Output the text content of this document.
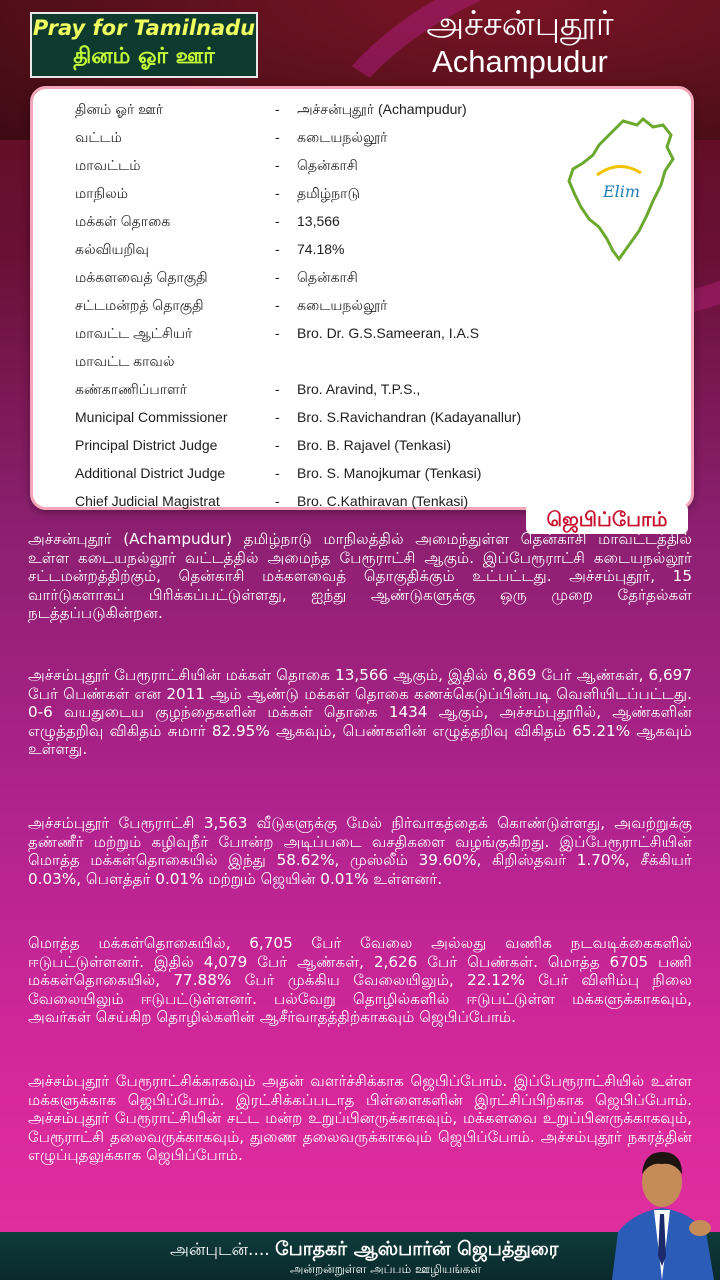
Pray for Tamilnadu
தினம் ஓர் ஊர்
அச்சன்புதூர்
Achampudur
தினம் ஓர் ஊர்	- அச்சன்புதூர் (Achampudur)
வட்டம்	- கடையநல்லூர்
மாவட்டம்	- தென்காசி
மாநிலம்	- தமிழ்நாடு
மக்கள் தொகை	- 13,566
கல்வியறிவு	- 74.18%
மக்களவைத் தொகுதி	- தென்காசி
சட்டமன்றத் தொகுதி	- கடையநல்லூர்
மாவட்ட ஆட்சியர்	- Bro. Dr. G.S.Sameeran, I.A.S
மாவட்ட காவல்
கண்காணிப்பாளர்	- Bro. Aravind, T.P.S.,
Municipal Commissioner	- Bro. S.Ravichandran (Kadayanallur)
Principal District Judge	- Bro. B. Rajavel (Tenkasi)
Additional District Judge	- Bro. S. Manojkumar (Tenkasi)
Chief Judicial Magistrat	- Bro. C.Kathiravan (Tenkasi)
Elim
ஜெபிப்போம்

அச்சன்புதூர் (Achampudur) தமிழ்நாடு மாநிலத்தில் அமைந்துள்ள தென்காசி மாவட்டத்தில் உள்ள கடையநல்லூர் வட்டத்தில் அமைந்த பேரூராட்சி ஆகும். இப்பேரூராட்சி கடையநல்லூர் சட்டமன்றத்திற்கும், தென்காசி மக்களவைத் தொகுதிக்கும் உட்பட்டது. அச்சம்புதூர், 15 வார்டுகளாகப் பிரிக்கப்பட்டுள்ளது, ஐந்து ஆண்டுகளுக்கு ஒரு முறை தேர்தல்கள் நடத்தப்படுகின்றன.

அச்சம்புதூர் பேரூராட்சியின் மக்கள் தொகை 13,566 ஆகும், இதில் 6,869 பேர் ஆண்கள், 6,697 பேர் பெண்கள் என 2011 ஆம் ஆண்டு மக்கள் தொகை கணக்கெடுப்பின்படி வெளியிடப்பட்டது. 0-6 வயதுடைய குழந்தைகளின் மக்கள் தொகை 1434 ஆகும், அச்சம்புதூரில், ஆண்களின் எழுத்தறிவு விகிதம் சுமார் 82.95% ஆகவும், பெண்களின் எழுத்தறிவு விகிதம் 65.21% ஆகவும் உள்ளது.

அச்சம்புதூர் பேரூராட்சி 3,563 வீடுகளுக்கு மேல் நிர்வாகத்தைக் கொண்டுள்ளது, அவற்றுக்கு தண்ணீர் மற்றும் கழிவுநீர் போன்ற அடிப்படை வசதிகளை வழங்குகிறது. இப்பேரூராட்சியின் மொத்த மக்கள்தொகையில் இந்து 58.62%, முஸ்லீம் 39.60%, கிறிஸ்தவர் 1.70%, சீக்கியர் 0.03%, பௌத்தர் 0.01% மற்றும் ஜெயின் 0.01% உள்ளனர்.

மொத்த மக்கள்தொகையில், 6,705 பேர் வேலை அல்லது வணிக நடவடிக்கைகளில் ஈடுபட்டுள்ளனர். இதில் 4,079 பேர் ஆண்கள், 2,626 பேர் பெண்கள். மொத்த 6705 பணி மக்கள்தொகையில், 77.88% பேர் முக்கிய வேலையிலும், 22.12% பேர் விளிம்பு நிலை வேலையிலும் ஈடுபட்டுள்ளனர். பல்வேறு தொழில்களில் ஈடுபட்டுள்ள மக்களுக்காகவும், அவர்கள் செய்கிற தொழில்களின் ஆசீர்வாதத்திற்காகவும் ஜெபிப்போம்.

அச்சம்புதூர் பேரூராட்சிக்காகவும் அதன் வளர்ச்சிக்காக ஜெபிப்போம். இப்பேரூராட்சியில் உள்ள மக்களுக்காக ஜெபிப்போம். இரட்சிக்கப்படாத பிள்ளைகளின் இரட்சிப்பிற்காக ஜெபிப்போம். அச்சம்புதூர் பேரூராட்சியின் சட்ட மன்ற உறுப்பினருக்காகவும், மக்களவை உறுப்பினருக்காகவும், பேரூராட்சி தலைவருக்காகவும், துணை தலைவருக்காகவும் ஜெபிப்போம். அச்சம்புதூர் நகரத்தின் எழுப்புதலுக்காக ஜெபிப்போம்.

அன்புடன்.... போதகர் ஆஸ்பார்ன் ஜெபத்துரை
அன்றன்றுள்ள அப்பம் ஊழியங்கள்
